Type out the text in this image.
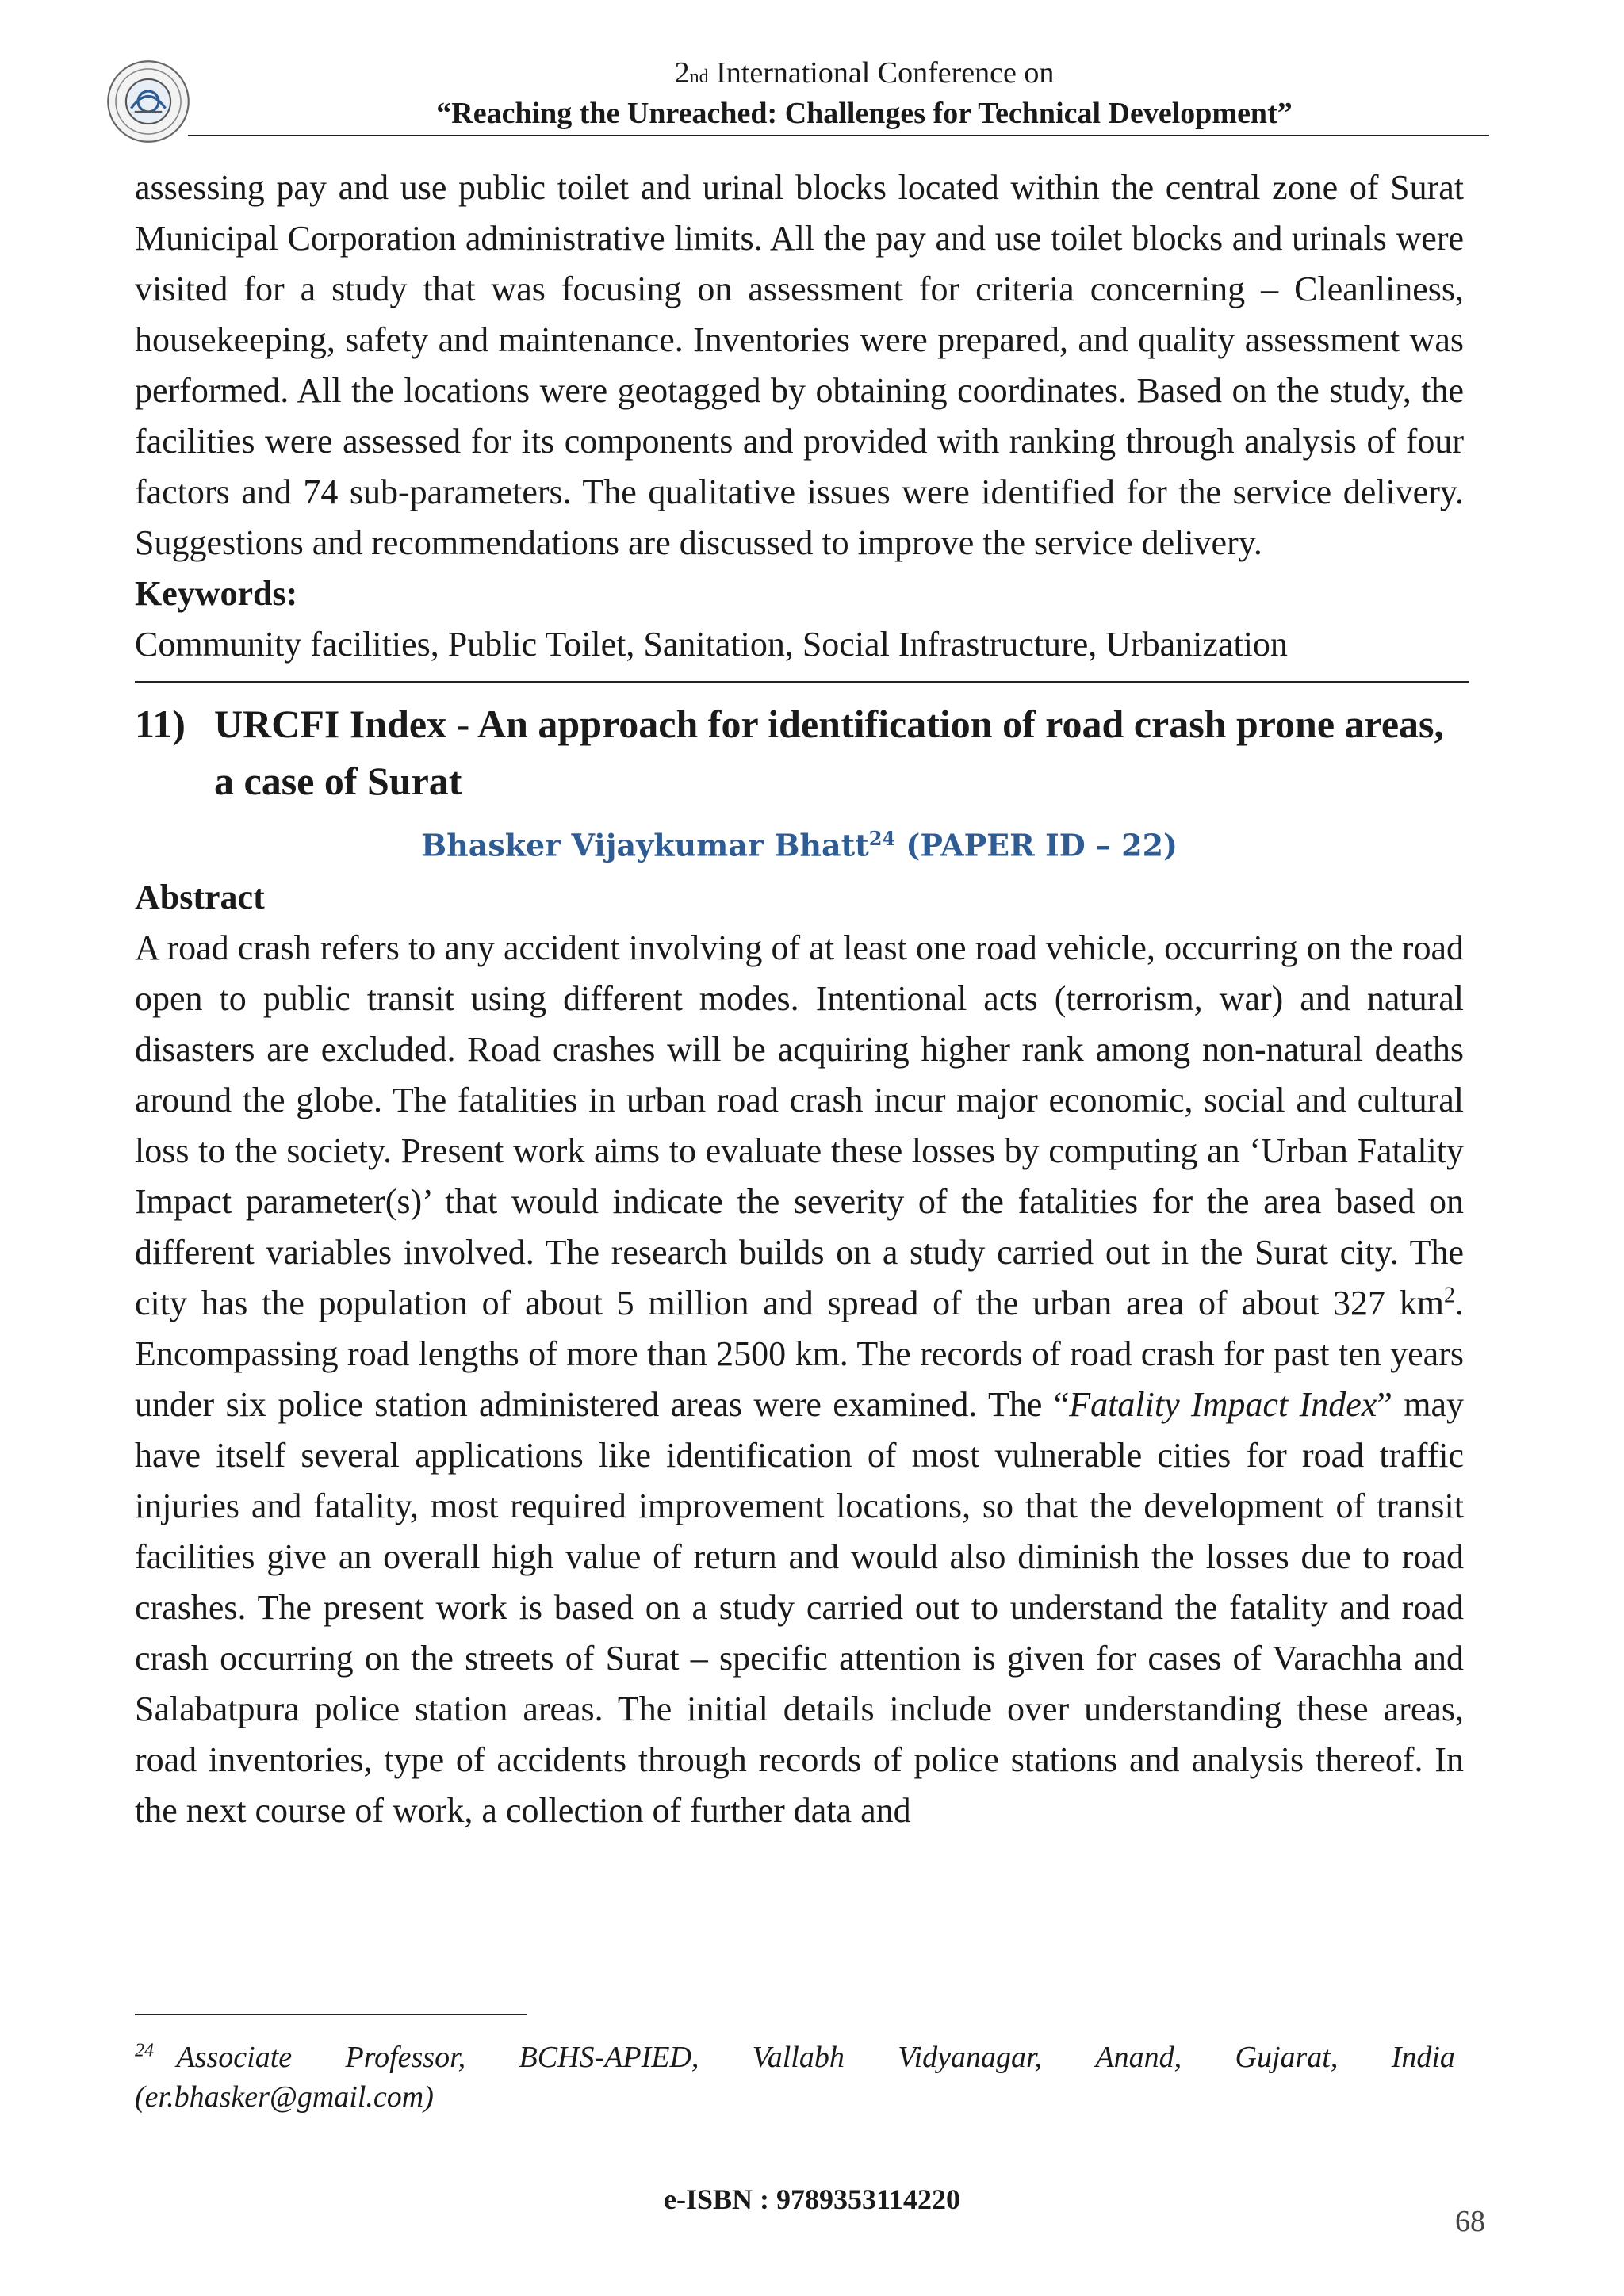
2nd International Conference on
“Reaching the Unreached: Challenges for Technical Development”

assessing pay and use public toilet and urinal blocks located within the central zone of Surat Municipal Corporation administrative limits. All the pay and use toilet blocks and urinals were visited for a study that was focusing on assessment for criteria concerning – Cleanliness, housekeeping, safety and maintenance. Inventories were prepared, and quality assessment was performed. All the locations were geotagged by obtaining coordinates. Based on the study, the facilities were assessed for its components and provided with ranking through analysis of four factors and 74 sub-parameters. The qualitative issues were identified for the service delivery. Suggestions and recommendations are discussed to improve the service delivery.

Keywords:
Community facilities, Public Toilet, Sanitation, Social Infrastructure, Urbanization
11) URCFI Index - An approach for identification of road crash prone areas, a case of Surat
Bhasker Vijaykumar Bhatt$^{24}$ (PAPER ID – 22)
Abstract

A road crash refers to any accident involving of at least one road vehicle, occurring on the road open to public transit using different modes. Intentional acts (terrorism, war) and natural disasters are excluded. Road crashes will be acquiring higher rank among non-natural deaths around the globe. The fatalities in urban road crash incur major economic, social and cultural loss to the society. Present work aims to evaluate these losses by computing an ‘Urban Fatality Impact parameter(s)’ that would indicate the severity of the fatalities for the area based on different variables involved. The research builds on a study carried out in the Surat city. The city has the population of about 5 million and spread of the urban area of about 327 $km^2$. Encompassing road lengths of more than 2500 km. The records of road crash for past ten years under six police station administered areas were examined. The “Fatality Impact Index” may have itself several applications like identification of most vulnerable cities for road traffic injuries and fatality, most required improvement locations, so that the development of transit facilities give an overall high value of return and would also diminish the losses due to road crashes. The present work is based on a study carried out to understand the fatality and road crash occurring on the streets of Surat – specific attention is given for cases of Varachha and Salabatpura police station areas. The initial details include over understanding these areas, road inventories, type of accidents through records of police stations and analysis thereof. In the next course of work, a collection of further data and

$^{24}$ Associate Professor, BCHS-APIED, Vallabh Vidyanagar, Anand, Gujarat, India
(er.bhasker@gmail.com)
e-ISBN : 9789353114220
68
